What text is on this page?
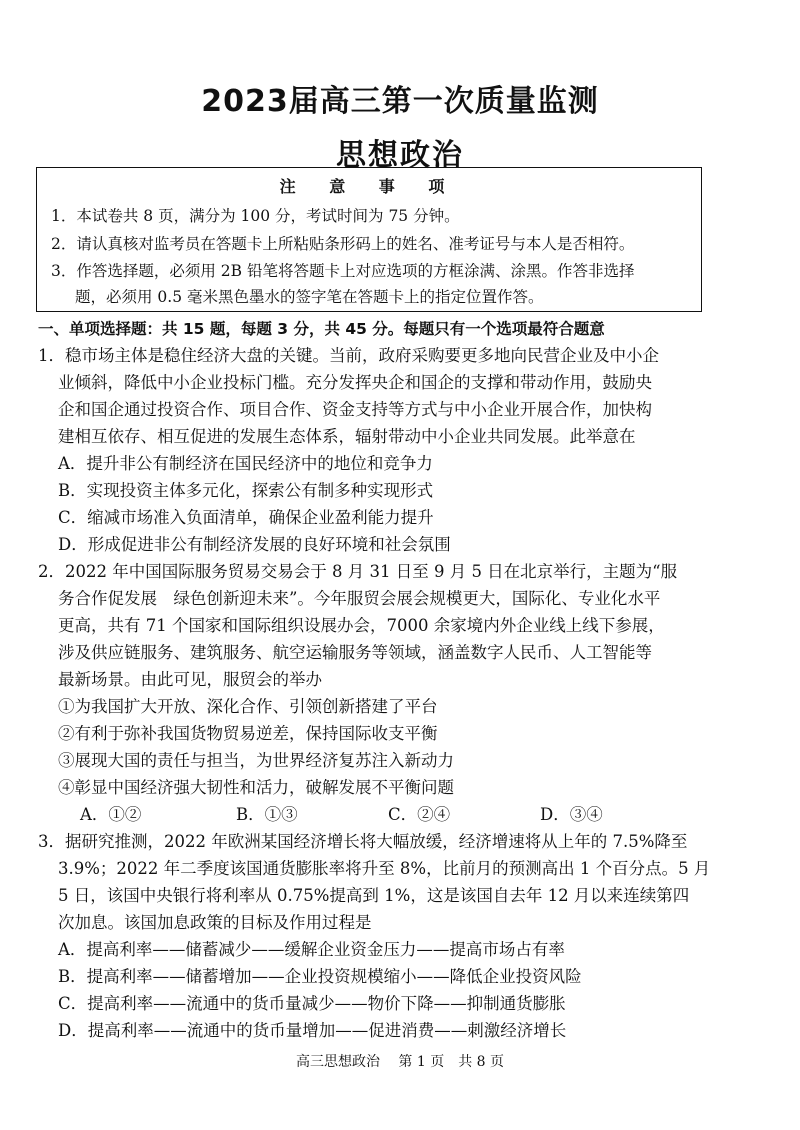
2023届高三第一次质量监测
思想政治
注 意 事 项
1．本试卷共 8 页，满分为 100 分，考试时间为 75 分钟。
2．请认真核对监考员在答题卡上所粘贴条形码上的姓名、准考证号与本人是否相符。
3．作答选择题，必须用 2B 铅笔将答题卡上对应选项的方框涂满、涂黑。作答非选择
题，必须用 0.5 毫米黑色墨水的签字笔在答题卡上的指定位置作答。
一、单项选择题：共 15 题，每题 3 分，共 45 分。每题只有一个选项最符合题意
1．稳市场主体是稳住经济大盘的关键。当前，政府采购要更多地向民营企业及中小企
业倾斜，降低中小企业投标门槛。充分发挥央企和国企的支撑和带动作用，鼓励央
企和国企通过投资合作、项目合作、资金支持等方式与中小企业开展合作，加快构
建相互依存、相互促进的发展生态体系，辐射带动中小企业共同发展。此举意在
A．提升非公有制经济在国民经济中的地位和竞争力
B．实现投资主体多元化，探索公有制多种实现形式
C．缩减市场准入负面清单，确保企业盈利能力提升
D．形成促进非公有制经济发展的良好环境和社会氛围
2．2022 年中国国际服务贸易交易会于 8 月 31 日至 9 月 5 日在北京举行，主题为“服
务合作促发展　绿色创新迎未来”。今年服贸会展会规模更大，国际化、专业化水平
更高，共有 71 个国家和国际组织设展办会，7000 余家境内外企业线上线下参展，
涉及供应链服务、建筑服务、航空运输服务等领域，涵盖数字人民币、人工智能等
最新场景。由此可见，服贸会的举办
①为我国扩大开放、深化合作、引领创新搭建了平台
②有利于弥补我国货物贸易逆差，保持国际收支平衡
③展现大国的责任与担当，为世界经济复苏注入新动力
④彰显中国经济强大韧性和活力，破解发展不平衡问题
A．①②	B．①③	C．②④	D．③④
3．据研究推测，2022 年欧洲某国经济增长将大幅放缓，经济增速将从上年的 7.5%降至
3.9%；2022 年二季度该国通货膨胀率将升至 8%，比前月的预测高出 1 个百分点。5 月
5 日，该国中央银行将利率从 0.75%提高到 1%，这是该国自去年 12 月以来连续第四
次加息。该国加息政策的目标及作用过程是
A．提高利率——储蓄减少——缓解企业资金压力——提高市场占有率
B．提高利率——储蓄增加——企业投资规模缩小——降低企业投资风险
C．提高利率——流通中的货币量减少——物价下降——抑制通货膨胀
D．提高利率——流通中的货币量增加——促进消费——刺激经济增长
高三思想政治　 第 1 页　共 8 页
